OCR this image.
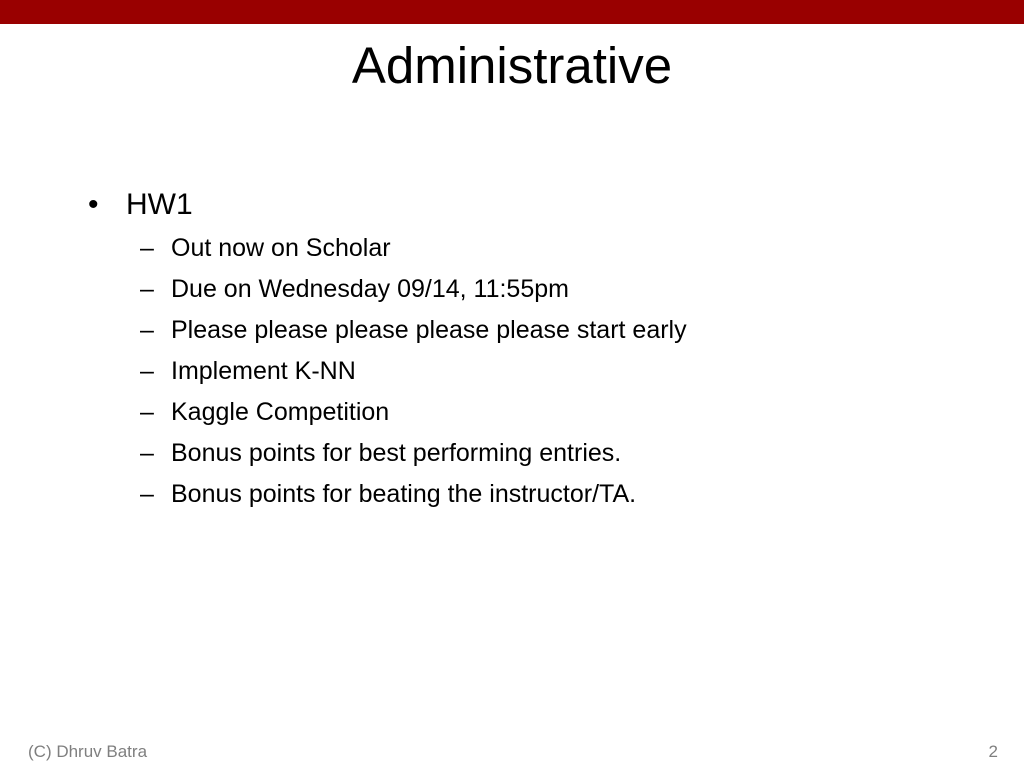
Administrative
• HW1
– Out now on Scholar
– Due on Wednesday 09/14, 11:55pm
– Please please please please please start early
– Implement K-NN
– Kaggle Competition
– Bonus points for best performing entries.
– Bonus points for beating the instructor/TA.
(C) Dhruv Batra	2
